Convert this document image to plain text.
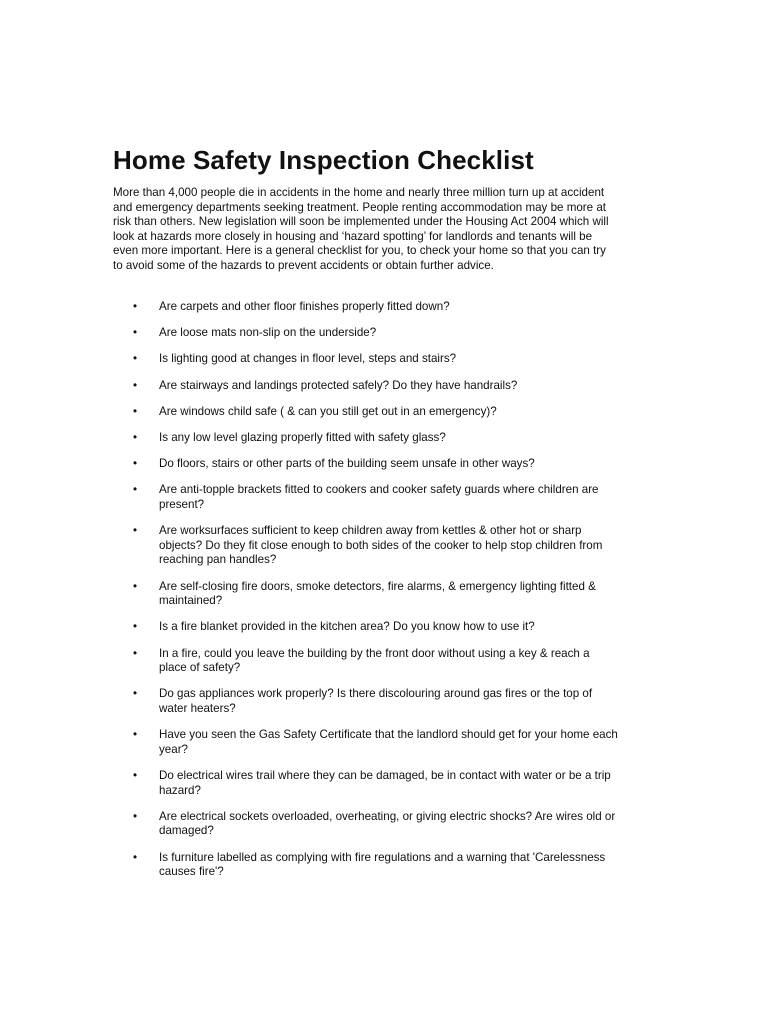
Home Safety Inspection Checklist

More than 4,000 people die in accidents in the home and nearly three million turn up at accident
and emergency departments seeking treatment. People renting accommodation may be more at
risk than others. New legislation will soon be implemented under the Housing Act 2004 which will
look at hazards more closely in housing and ‘hazard spotting’ for landlords and tenants will be
even more important. Here is a general checklist for you, to check your home so that you can try
to avoid some of the hazards to prevent accidents or obtain further advice.

• Are carpets and other floor finishes properly fitted down?
• Are loose mats non-slip on the underside?
• Is lighting good at changes in floor level, steps and stairs?
• Are stairways and landings protected safely? Do they have handrails?
• Are windows child safe ( & can you still get out in an emergency)?
• Is any low level glazing properly fitted with safety glass?
• Do floors, stairs or other parts of the building seem unsafe in other ways?
• Are anti-topple brackets fitted to cookers and cooker safety guards where children are
present?
• Are worksurfaces sufficient to keep children away from kettles & other hot or sharp
objects? Do they fit close enough to both sides of the cooker to help stop children from
reaching pan handles?
• Are self-closing fire doors, smoke detectors, fire alarms, & emergency lighting fitted &
maintained?
• Is a fire blanket provided in the kitchen area? Do you know how to use it?
• In a fire, could you leave the building by the front door without using a key & reach a
place of safety?
• Do gas appliances work properly? Is there discolouring around gas fires or the top of
water heaters?
• Have you seen the Gas Safety Certificate that the landlord should get for your home each
year?
• Do electrical wires trail where they can be damaged, be in contact with water or be a trip
hazard?
• Are electrical sockets overloaded, overheating, or giving electric shocks? Are wires old or
damaged?
• Is furniture labelled as complying with fire regulations and a warning that 'Carelessness
causes fire'?
